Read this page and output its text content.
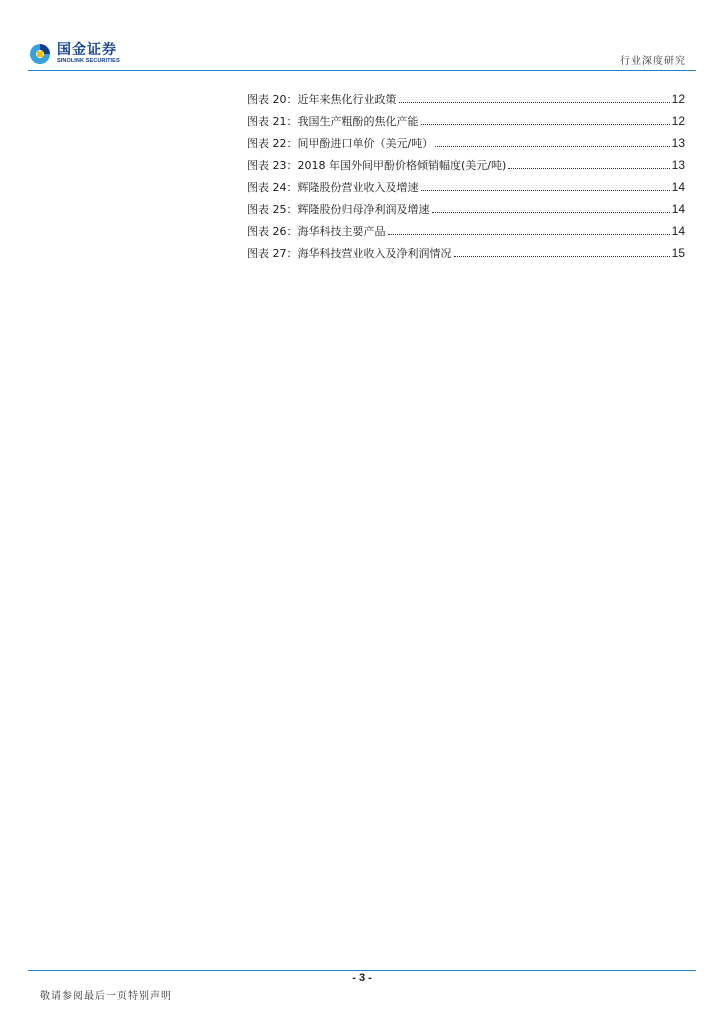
国金证券
SINOLINK SECURITIES	行业深度研究
图表 20： 近年来焦化行业政策	12
图表 21： 我国生产粗酚的焦化产能	12
图表 22： 间甲酚进口单价（美元/吨）	13
图表 23： 2018 年国外间甲酚价格倾销幅度(美元/吨)	13
图表 24： 辉隆股份营业收入及增速	14
图表 25： 辉隆股份归母净利润及增速	14
图表 26： 海华科技主要产品	14
图表 27： 海华科技营业收入及净利润情况	15
- 3 -
敬请参阅最后一页特别声明
